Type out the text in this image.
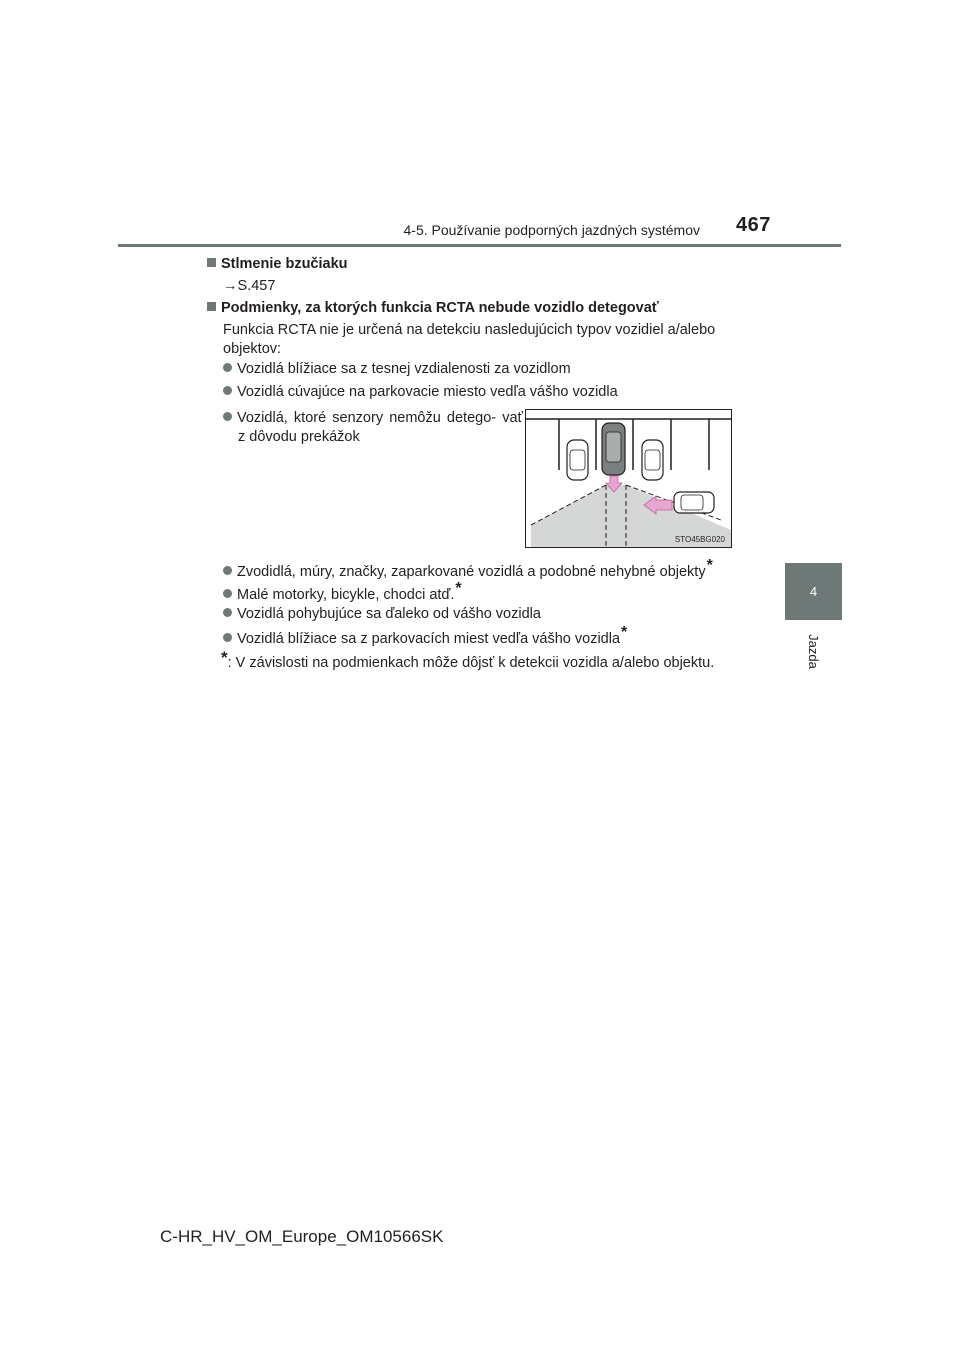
4-5. Používanie podporných jazdných systémov 467
4
Jazda
Stlmenie bzučiaku
→S.457
Podmienky, za ktorých funkcia RCTA nebude vozidlo detegovať
Funkcia RCTA nie je určená na detekciu nasledujúcich typov vozidiel a/alebo objektov:
Vozidlá blížiace sa z tesnej vzdialenosti za vozidlom
Vozidlá cúvajúce na parkovacie miesto vedľa vášho vozidla
Vozidlá, ktoré senzory nemôžu detego- vať z dôvodu prekážok
STO45BG020
Zvodidlá, múry, značky, zaparkované vozidlá a podobné nehybné objekty*
Malé motorky, bicykle, chodci atď.*
Vozidlá pohybujúce sa ďaleko od vášho vozidla
Vozidlá blížiace sa z parkovacích miest vedľa vášho vozidla*
*: V závislosti na podmienkach môže dôjsť k detekcii vozidla a/alebo objektu.
C-HR_HV_OM_Europe_OM10566SK
